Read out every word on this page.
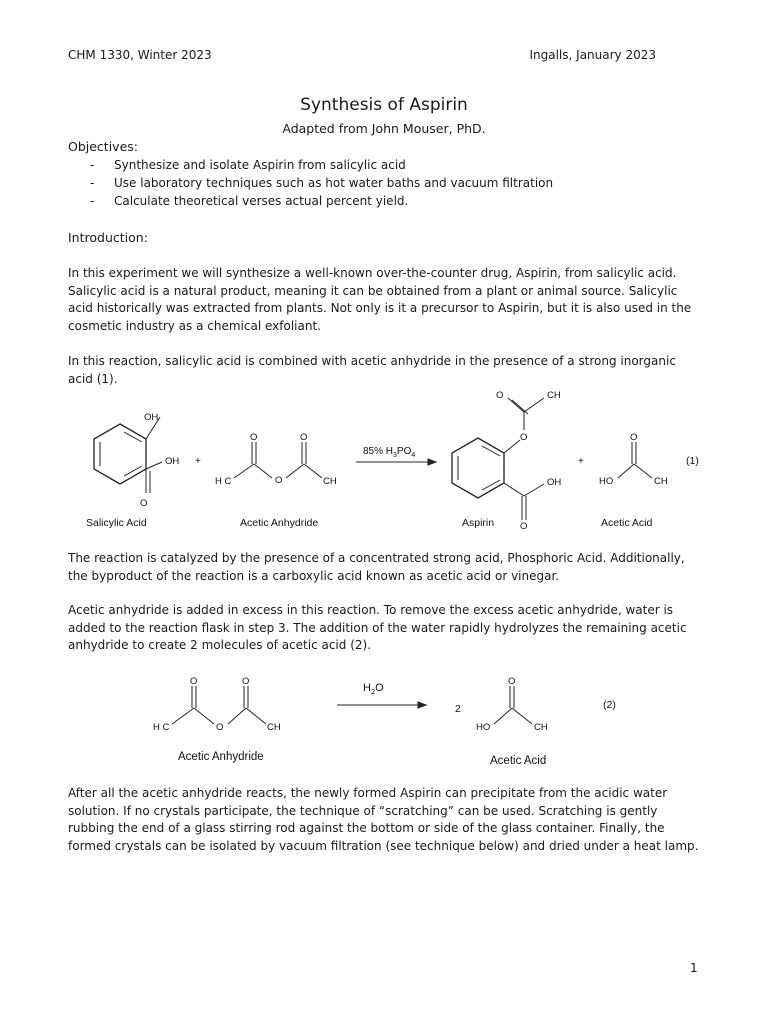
CHM 1330, Winter 2023	Ingalls, January 2023
Synthesis of Aspirin
Adapted from John Mouser, PhD.
Objectives:
- Synthesize and isolate Aspirin from salicylic acid
- Use laboratory techniques such as hot water baths and vacuum filtration
- Calculate theoretical verses actual percent yield.
Introduction:

In this experiment we will synthesize a well-known over-the-counter drug, Aspirin, from salicylic acid. Salicylic acid is a natural product, meaning it can be obtained from a plant or animal source. Salicylic acid historically was extracted from plants. Not only is it a precursor to Aspirin, but it is also used in the cosmetic industry as a chemical exfoliant.

In this reaction, salicylic acid is combined with acetic anhydride in the presence of a strong inorganic acid (1).

OH
OH
O
+
O	O
O
H C	CH
85% $H_3PO_4$
O
O	CH
OH
O
+
O
HO	CH
(1)
Salicylic Acid	Acetic Anhydride	Aspirin	Acetic Acid

The reaction is catalyzed by the presence of a concentrated strong acid, Phosphoric Acid. Additionally, the byproduct of the reaction is a carboxylic acid known as acetic acid or vinegar.

Acetic anhydride is added in excess in this reaction. To remove the excess acetic anhydride, water is added to the reaction flask in step 3. The addition of the water rapidly hydrolyzes the remaining acetic anhydride to create 2 molecules of acetic acid (2).

O	O
O
H C	CH
$H_2O$
2
O
HO	CH
(2)
Acetic Anhydride	Acetic Acid

After all the acetic anhydride reacts, the newly formed Aspirin can precipitate from the acidic water solution. If no crystals participate, the technique of “scratching” can be used. Scratching is gently rubbing the end of a glass stirring rod against the bottom or side of the glass container. Finally, the formed crystals can be isolated by vacuum filtration (see technique below) and dried under a heat lamp.

1
